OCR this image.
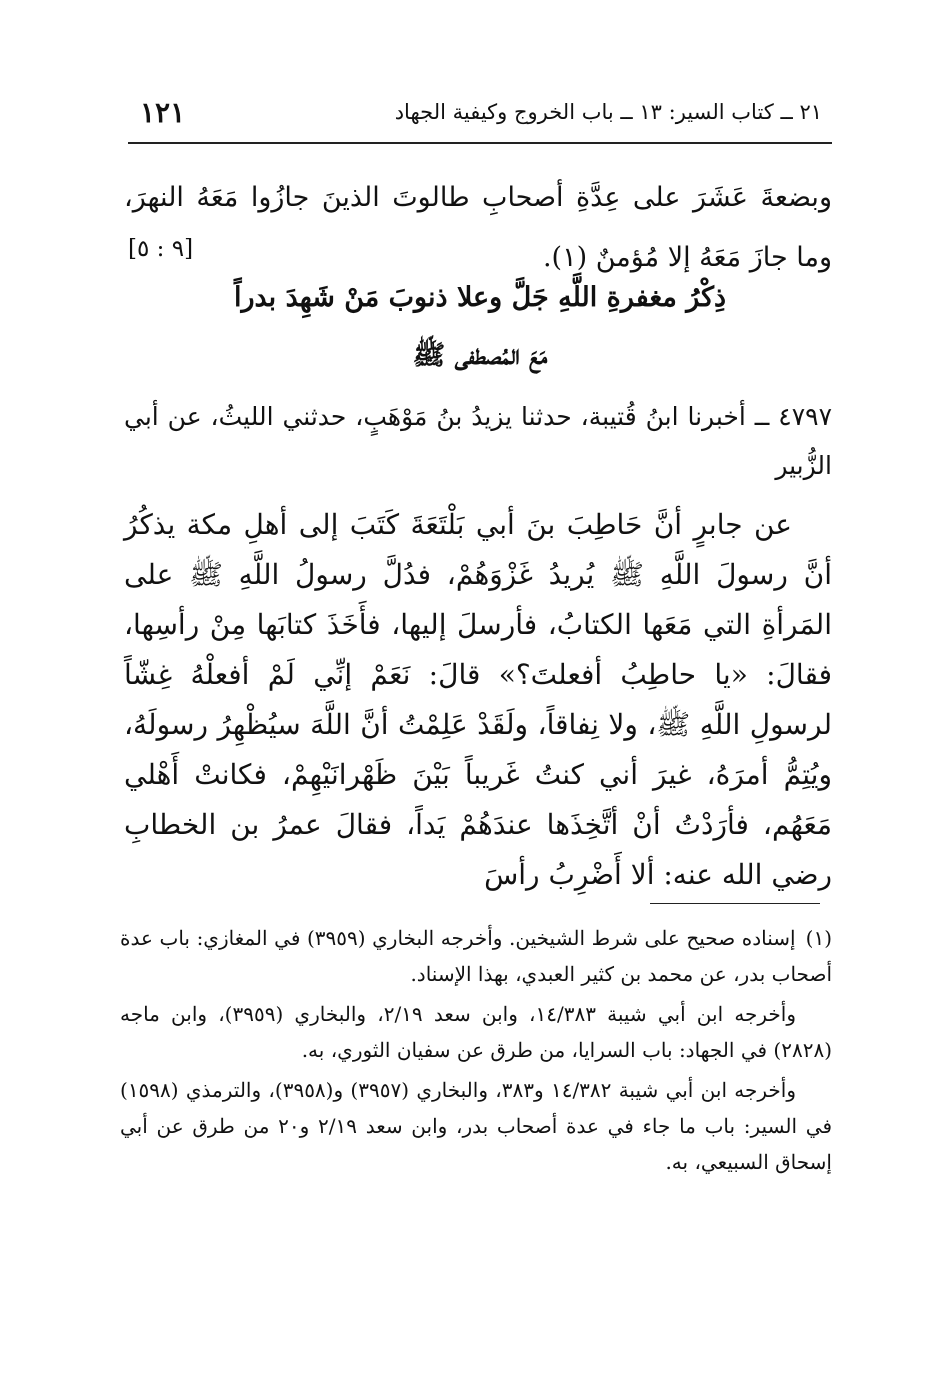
٢١ ــ كتاب السير: ١٣ ــ باب الخروج وكيفية الجهاد
١٢١

وبضعةَ عَشَرَ على عِدَّةِ أصحابِ طالوتَ الذينَ جازُوا مَعَهُ النهرَ، وما جازَ مَعَهُ إلا مُؤمنٌ (١).

[٩ : ٥]
ذِكْرُ مغفرةِ اللَّهِ جَلَّ وعلا ذنوبَ مَنْ شَهِدَ بدراً
مَعَ المُصطفى ﷺ

٤٧٩٧ ــ أخبرنا ابنُ قُتيبة، حدثنا يزيدُ بنُ مَوْهَبٍ، حدثني الليثُ، عن أبي الزُّبير

عن جابرٍ أنَّ حَاطِبَ بنَ أبي بَلْتَعَةَ كَتَبَ إلى أهلِ مكة يذكُرُ أنَّ رسولَ اللَّهِ ﷺ يُريدُ غَزْوَهُمْ، فدُلَّ رسولُ اللَّهِ ﷺ على المَرأةِ التي مَعَها الكتابُ، فأرسلَ إليها، فأَخَذَ كتابَها مِنْ رأسِها، فقالَ: «يا حاطِبُ أفعلتَ؟» قالَ: نَعَمْ إنِّي لَمْ أفعلْهُ غِشّاً لرسولِ اللَّهِ ﷺ، ولا نِفاقاً، ولَقَدْ عَلِمْتُ أنَّ اللَّهَ سيُظْهِرُ رسولَهُ، ويُتِمُّ أمرَهُ، غيرَ أني كنتُ غَريباً بَيْنَ ظَهْرانَيْهِمْ، فكانتْ أَهْلي مَعَهُم، فأرَدْتُ أنْ أتَّخِذَها عندَهُمْ يَداً، فقالَ عمرُ بن الخطابِ رضي الله عنه: ألا أَضْرِبُ رأسَ

(١)إسناده صحيح على شرط الشيخين. وأخرجه البخاري (٣٩٥٩) في المغازي: باب عدة أصحاب بدر، عن محمد بن كثير العبدي، بهذا الإسناد.

وأخرجه ابن أبي شيبة ١٤/٣٨٣، وابن سعد ٢/١٩، والبخاري (٣٩٥٩)، وابن ماجه (٢٨٢٨) في الجهاد: باب السرايا، من طرق عن سفيان الثوري، به.

وأخرجه ابن أبي شيبة ١٤/٣٨٢ و٣٨٣، والبخاري (٣٩٥٧) و(٣٩٥٨)، والترمذي (١٥٩٨) في السير: باب ما جاء في عدة أصحاب بدر، وابن سعد ٢/١٩ و٢٠ من طرق عن أبي إسحاق السبيعي، به.
